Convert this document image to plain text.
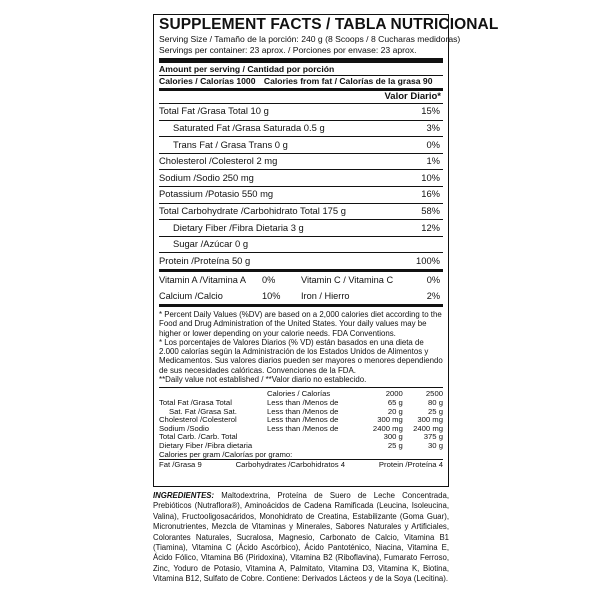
SUPPLEMENT FACTS / TABLA NUTRICIONAL
Serving Size / Tamaño de la porción: 240 g (8 Scoops / 8 Cucharas medidoras)
Servings per container: 23 aprox. / Porciones por envase: 23 aprox.
Amount per serving / Cantidad por porción
Calories / Calorías 1000 Calories from fat / Calorías de la grasa 90
Valor Diario*
Total Fat /Grasa Total 10 g	15%
Saturated Fat /Grasa Saturada 0.5 g	3%
Trans Fat / Grasa Trans 0 g	0%
Cholesterol /Colesterol 2 mg	1%
Sodium /Sodio 250 mg	10%
Potassium /Potasio 550 mg	16%
Total Carbohydrate /Carbohidrato Total 175 g	58%
Dietary Fiber /Fibra Dietaria 3 g	12%
Sugar /Azúcar 0 g
Protein /Proteína 50 g	100%
Vitamin A /Vitamina A	0%	Vitamin C / Vitamina C	0%
Calcium /Calcio	10%	Iron / Hierro	2%

* Percent Daily Values (%DV) are based on a 2,000 calories diet according to the Food and Drug Administration of the United States. Your daily values may be higher or lower depending on your calorie needs. FDA Conventions.

* Los porcentajes de Valores Diarios (% VD) están basados en una dieta de 2.000 calorías según la Administración de los Estados Unidos de Alimentos y Medicamentos. Sus valores diarios pueden ser mayores o menores dependiendo de sus necesidades calóricas. Convenciones de la FDA.

**Daily value not established / **Valor diario no establecido.

	Calories / Calorías	2000	2500
Total Fat /Grasa Total	Less than /Menos de	65 g	80 g
Sat. Fat /Grasa Sat.	Less than /Menos de	20 g	25 g
Cholesterol /Colesterol	Less than /Menos de	300 mg	300 mg
Sodium /Sodio	Less than /Menos de	2400 mg	2400 mg
Total Carb. /Carb. Total		300 g	375 g
Dietary Fiber /Fibra dietaria		25 g	30 g
Calories per gram /Calorías por gramo:
Fat /Grasa 9	Carbohydrates /Carbohidratos 4	Protein /Proteína 4
INGREDIENTES: Maltodextrina, Proteína de Suero de Leche Concentrada, Prebióticos (Nutraflora®), Aminoácidos de Cadena Ramificada (Leucina, Isoleucina, Valina), Fructooligosacáridos, Monohidrato de Creatina, Estabilizante (Goma Guar), Micronutrientes, Mezcla de Vitaminas y Minerales, Sabores Naturales y Artificiales, Colorantes Naturales, Sucralosa, Magnesio, Carbonato de Calcio, Vitamina B1 (Tiamina), Vitamina C (Ácido Ascórbico), Ácido Pantoténico, Niacina, Vitamina E, Ácido Fólico, Vitamina B6 (Piridoxina), Vitamina B2 (Riboflavina), Fumarato Ferroso, Zinc, Yoduro de Potasio, Vitamina A, Palmitato, Vitamina D3, Vitamina K, Biotina, Vitamina B12, Sulfato de Cobre. Contiene: Derivados Lácteos y de la Soya (Lecitina).
